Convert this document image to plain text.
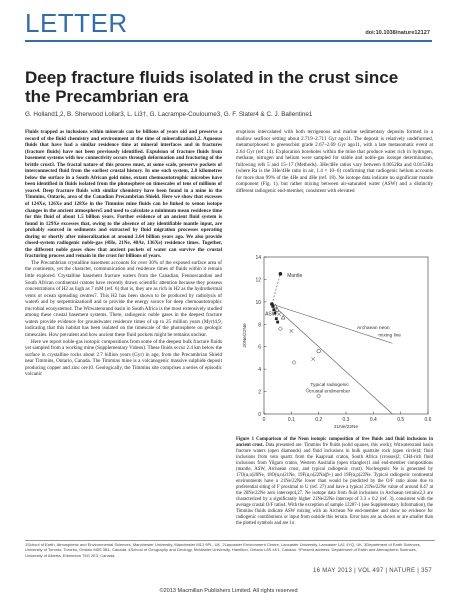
LETTER	doi:10.1038/nature12127
Deep fracture fluids isolated in the crust since the Precambrian era
G. Holland1,2, B. Sherwood Lollar3, L. Li3†, G. Lacrampe-Couloume3, G. F. Slater4 & C. J. Ballentine1

Fluids trapped as inclusions within minerals can be billions of years old and preserve a record of the fluid chemistry and environment at the time of mineralization1,2. Aqueous fluids that have had a similar residence time at mineral interfaces and in fractures (fracture fluids) have not been previously identified. Expulsion of fracture fluids from basement systems with low connectivity occurs through deformation and fracturing of the brittle crust3. The fractal nature of this process must, at some scale, preserve pockets of interconnected fluid from the earliest crustal history. In one such system, 2.8 kilometres below the surface in a South African gold mine, extant chemoautotrophic microbes have been identified in fluids isolated from the photosphere on timescales of tens of millions of years4. Deep fracture fluids with similar chemistry have been found in a mine in the Timmins, Ontario, area of the Canadian Precambrian Shield. Here we show that excesses of 124Xe, 126Xe and 128Xe in the Timmins mine fluids can be linked to xenon isotope changes in the ancient atmosphere5 and used to calculate a minimum mean residence time for this fluid of about 1.5 billion years. Further evidence of an ancient fluid system is found in 129Xe excesses that, owing to the absence of any identifiable mantle input, are probably sourced in sediments and extracted by fluid migration processes operating during or shortly after mineralization at around 2.64 billion years ago. We also provide closed-system radiogenic noble-gas (4He, 21Ne, 40Ar, 136Xe) residence times. Together, the different noble gases show that ancient pockets of water can survive the crustal fracturing process and remain in the crust for billions of years.

The Precambrian crystalline basement accounts for over 30% of the exposed surface area of the continents, yet the character, communication and residence times of fluids within it remain little explored. Crystalline basement fracture waters from the Canadian, Fennoscandian and South African continental cratons have recently drawn scientific attention because they possess concentrations of H2 as high as 7 mM (ref. 6) that is, they are as rich in H2 as the hydrothermal vents or ocean spreading centres7. This H2 has been shown to be produced by radiolysis of water6 and by serpentinization8 and to provide the energy source for deep chemoautotrophic microbial ecosystems4. The Witwatersrand basin in South Africa is the most extensively studied among these crustal basement systems. There, radiogenic noble gases in the deepest fracture waters provide evidence for groundwater residence times of up to 25 million years (Myr)4,9, indicating that this habitat has been isolated on the timescale of the photosphere on geologic timescales. How prevalent and how ancient these fluid pockets might be remains unclear.

Here we report noble-gas isotopic compositions from some of the deepest bulk fracture fluids yet sampled from a working mine (Supplementary Videos). These fluids occur 2.4 km below the surface in crystalline rocks about 2.7 billion years (Gyr) in age, from the Precambrian Shield near Timmins, Ontario, Canada. The Timmins mine is a volcanogenic massive sulphide deposit producing copper and zinc ore10. Geologically, the Timmins site comprises a series of episodic volcanic

eruptions intercalated with both terrigenous and marine sedimentary deposits formed in a shallow seafloor setting about 2.719–2.711 Gyr ago11. The deposit is relatively undeformed, metamorphosed to greenschist grade 2.67–2.69 Gyr ago11, with a late metasomatic event at 2.64 Gyr (ref. 14). Exploration boreholes within the mine that produce water rich in hydrogen, methane, nitrogen and helium were sampled for stable and noble-gas isotope determination, following refs 5 and 15–17 (Methods). 3He/4He ratios vary between 0.0052Ra and 0.0153Ra (where Ra is the 3He/4He ratio in air, 1.4 × 10−6) confirming that radiogenic helium accounts for more than 99% of the 4He and 4He (ref. 18). Ne isotope data indicate no significant mantle component (Fig. 1), but rather mixing between air-saturated water (ASW) and a distinctly different radiogenic end-member, consistent with elevated

0
2
4
6
8
10
12
14
0	0.1	0.2	0.3	0.4	0.5	0.6
21Ne/22Ne
20Ne/22Ne
Mantle
ASW
Archaean neon
mixing line
Typical radiogenic
crustal endmember
Figure 1 Comparison of the Neon isotopic composition of free fluids and fluid inclusions in ancient crust. Data presented are: Timmins fre fluids (solid squares, this work); Witwatersrand basin fracture waters (open diamonds) and fluid inclusions in bulk quartzite rock (open circle)4; fluid inclusions from vein quartz from the Kaapvaal craton, South Africa (crosses)2; CH4-rich fluid inclusions from Yilgarn craton, Western Australia (open triangles)1 and end-member compositions (mantle, ASW, Archaean crust, and typical radiogenic crust). Nucleogenic Ne is generated by 17O(α,n)20Ne, 18O(α,n)21Ne, 19F(α,n)22Na(β+) and 19F(α,p)22Ne. Typical radiogenic continental environments have a 21Ne/22Ne lower than would be predicted by the O/F ratio alone due to preferential siting of F proximal to U (ref. 27) and have a typical 21Ne/22Ne value of around 0.47 at the 20Ne/22Ne zero intercept4,27. Ne isotope data from fluid inclusions in Archaean terrains2,3 are characterized by a significantly higher 21Ne/22Ne intercept of 3.3 ± 0.2 (ref. 3), consistent with the average crustal O/F ratio4. With the exception of sample 12287-1 (see Supplementary Information), the Timmins fluids indicate ASW mixing with an Archean Ne end-member and show no evidence for radiogenic contributions or input from outside this terrain. Error bars are as shown or are smaller than the plotted symbols and are 1σ.
1School of Earth, Atmospheric and Environmental Sciences, Manchester University, Manchester M13 9PL, UK. 2Lancaster Environment Centre, Lancaster University, Lancaster LA1 4YQ, UK. 3Department of Earth Sciences, University of Toronto, Toronto, Ontario M5S 3B1, Canada. 4School of Geography and Geology, McMaster University, Hamilton, Ontario L8S 4K1, Canada. †Present address: Department of Earth and Atmospheric Sciences, University of Alberta, Edmonton T6G 2E3, Canada.
16 MAY 2013 | VOL 497 | NATURE | 357
©2013 Macmillan Publishers Limited. All rights reserved
